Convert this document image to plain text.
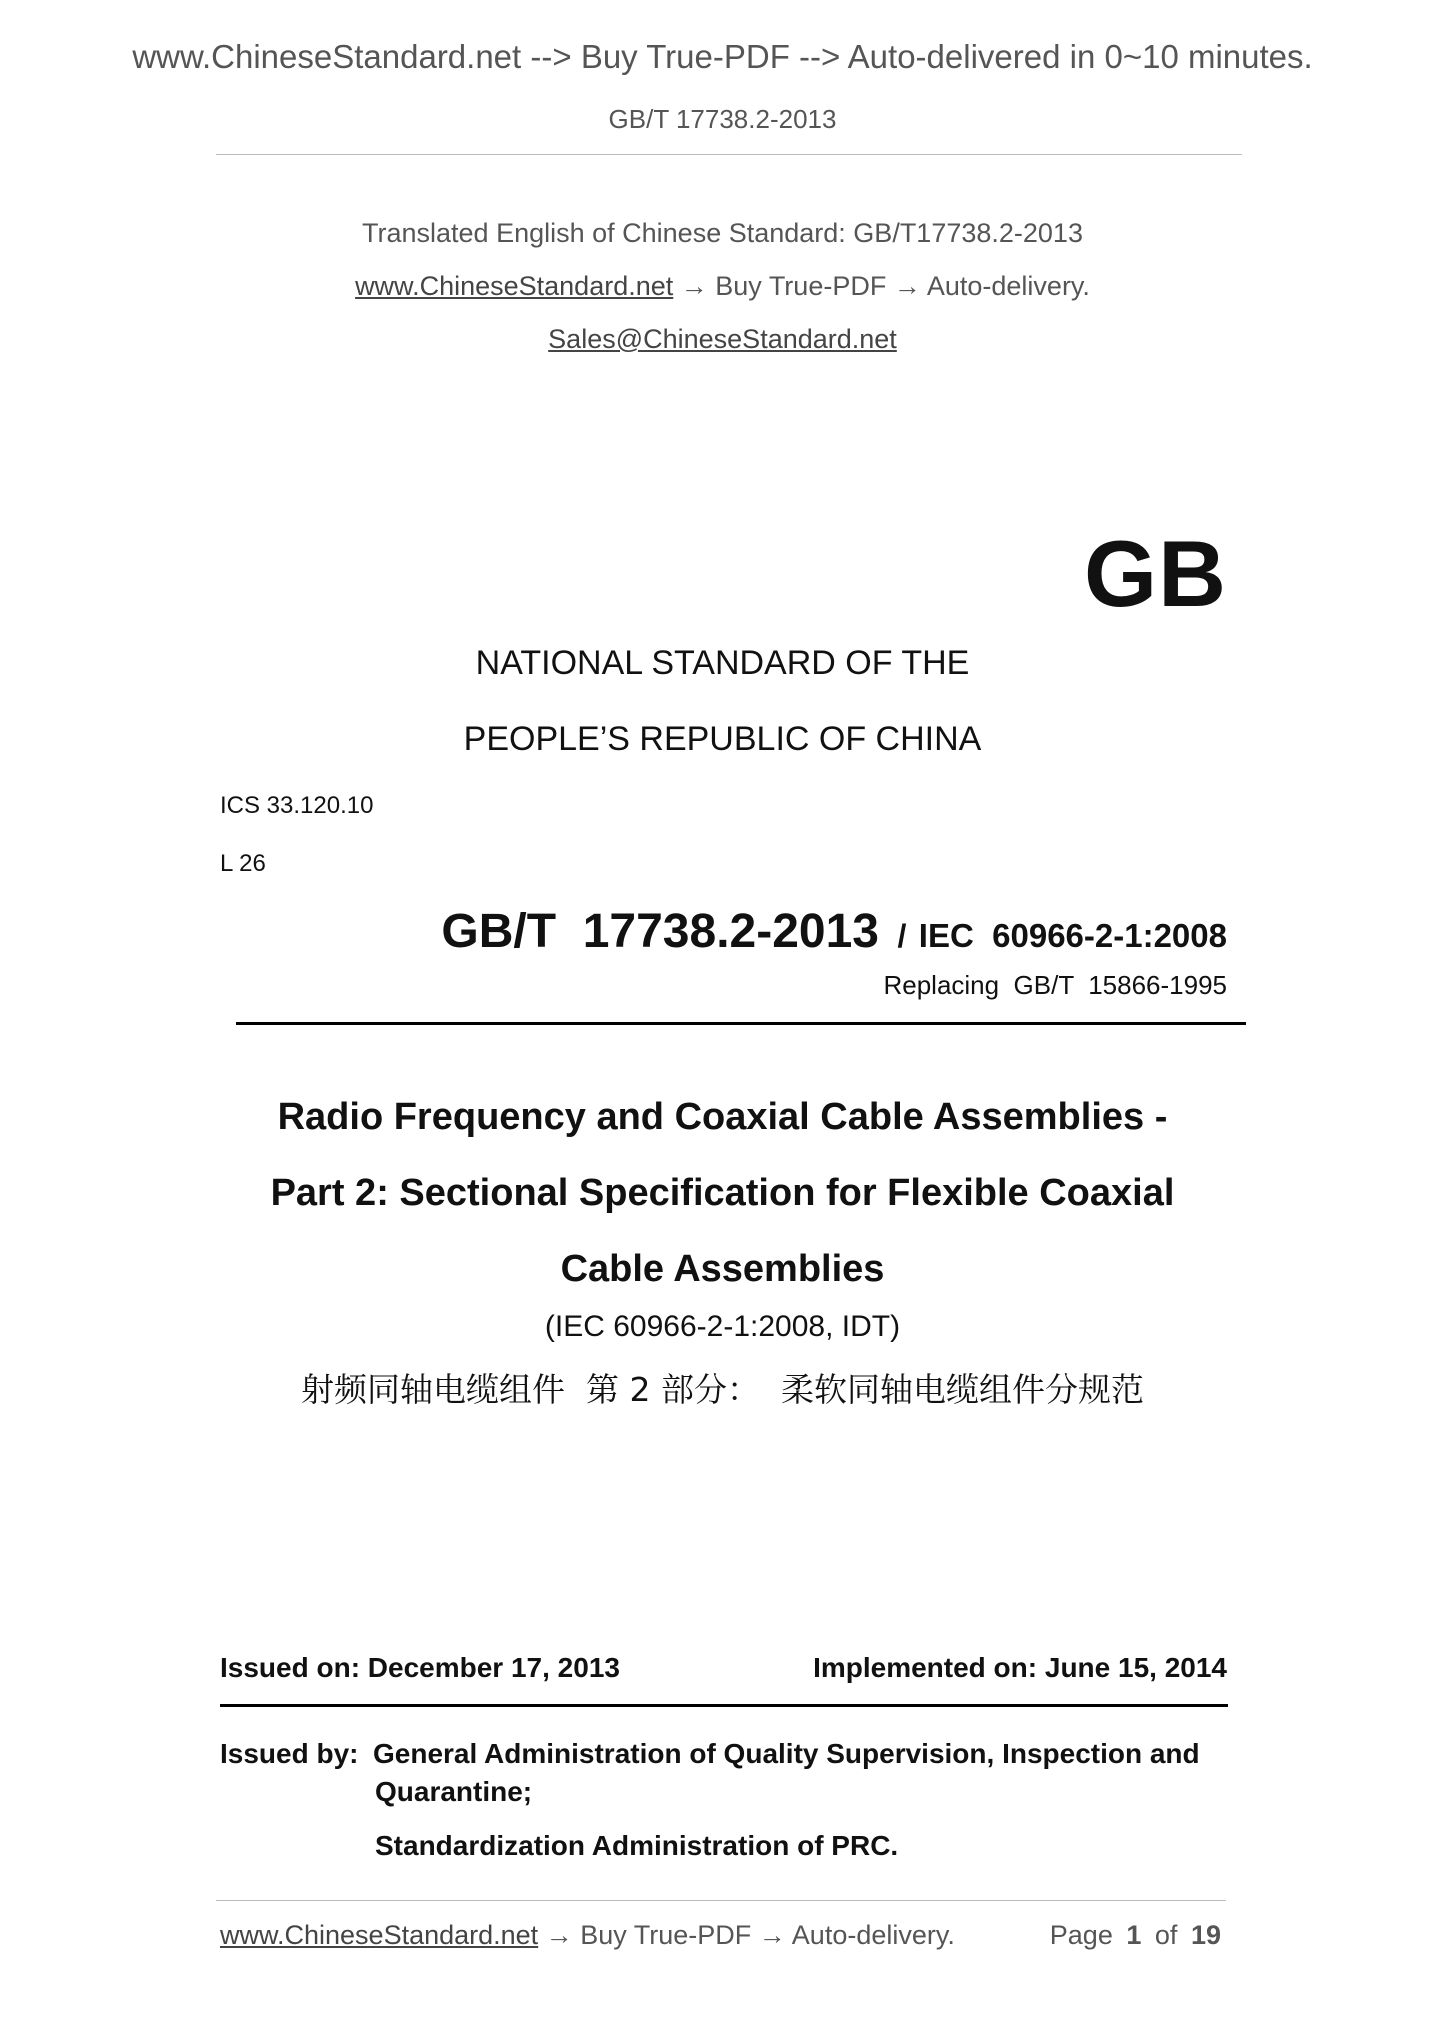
www.ChineseStandard.net --> Buy True-PDF --> Auto-delivered in 0~10 minutes.
GB/T 17738.2-2013
Translated English of Chinese Standard: GB/T17738.2-2013
www.ChineseStandard.net → Buy True-PDF → Auto-delivery.
Sales@ChineseStandard.net
GB
NATIONAL STANDARD OF THE
PEOPLE’S REPUBLIC OF CHINA
ICS 33.120.10
L 26
GB/T  17738.2-2013 / IEC  60966-2-1:2008
Replacing  GB/T  15866-1995
Radio Frequency and Coaxial Cable Assemblies -
Part 2: Sectional Specification for Flexible Coaxial
Cable Assemblies
(IEC 60966-2-1:2008, IDT)
射频同轴电缆组件  第 2 部分：  柔软同轴电缆组件分规范
Issued on: December 17, 2013	Implemented on: June 15, 2014
Issued by: General Administration of Quality Supervision, Inspection and
Quarantine;
Standardization Administration of PRC.
www.ChineseStandard.net → Buy True-PDF → Auto-delivery.	Page 1 of 19
